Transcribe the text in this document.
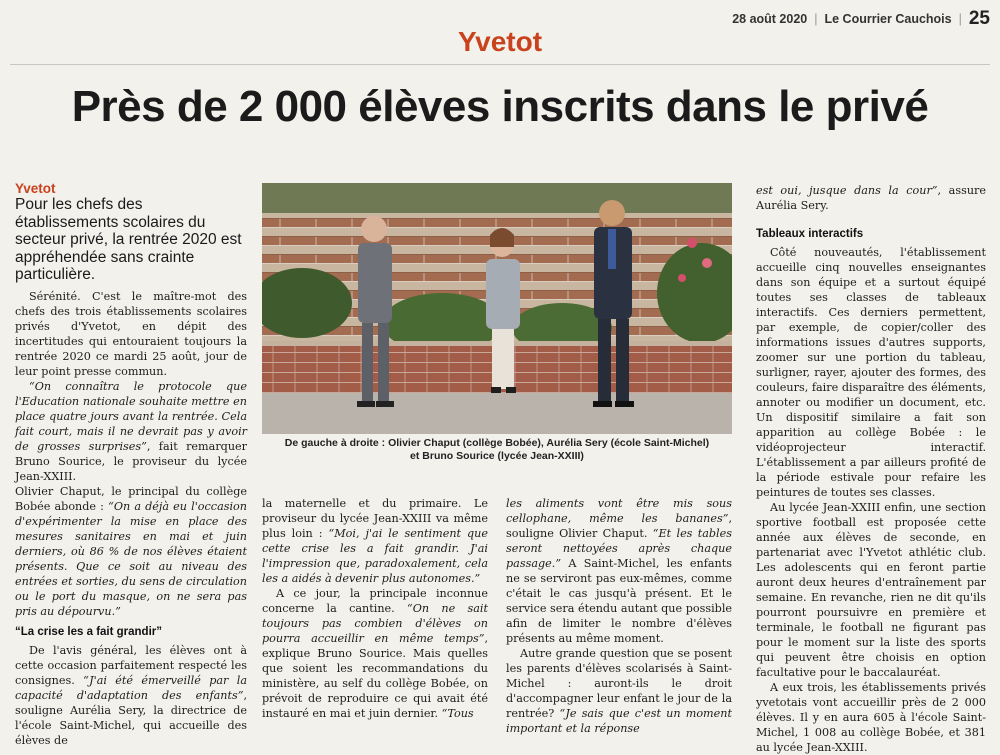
28 août 2020 | Le Courrier Cauchois | 25
Yvetot
Près de 2 000 élèves inscrits dans le privé
Yvetot
Pour les chefs des établissements scolaires du secteur privé, la rentrée 2020 est appréhendée sans crainte particulière.

Sérénité. C'est le maître-mot des chefs des trois établissements scolaires privés d'Yvetot, en dépit des incertitudes qui entouraient toujours la rentrée 2020 ce mardi 25 août, jour de leur point presse commun.

“On connaîtra le protocole que l'Education nationale souhaite mettre en place quatre jours avant la rentrée. Cela fait court, mais il ne devrait pas y avoir de grosses surprises”, fait remarquer Bruno Sourice, le proviseur du lycée Jean-XXIII.

Olivier Chaput, le principal du collège Bobée abonde : “On a déjà eu l'occasion d'expérimenter la mise en place des mesures sanitaires en mai et juin derniers, où 86 % de nos élèves étaient présents. Que ce soit au niveau des entrées et sorties, du sens de circulation ou le port du masque, on ne sera pas pris au dépourvu.”

“La crise les a fait grandir”

De l'avis général, les élèves ont à cette occasion parfaitement respecté les consignes. “J'ai été émerveillé par la capacité d'adaptation des enfants”, souligne Aurélia Sery, la directrice de l'école Saint-Michel, qui accueille des élèves de

De gauche à droite : Olivier Chaput (collège Bobée), Aurélia Sery (école Saint-Michel)
et Bruno Sourice (lycée Jean-XXIII)

la maternelle et du primaire. Le proviseur du lycée Jean-XXIII va même plus loin : “Moi, j'ai le sentiment que cette crise les a fait grandir. J'ai l'impression que, paradoxalement, cela les a aidés à devenir plus autonomes.”

A ce jour, la principale inconnue concerne la cantine. “On ne sait toujours pas combien d'élèves on pourra accueillir en même temps”, explique Bruno Sourice. Mais quelles que soient les recommandations du ministère, au self du collège Bobée, on prévoit de reproduire ce qui avait été instauré en mai et juin dernier. “Tous

les aliments vont être mis sous cellophane, même les bananes”, souligne Olivier Chaput. “Et les tables seront nettoyées après chaque passage.” A Saint-Michel, les enfants ne se serviront pas eux-mêmes, comme c'était le cas jusqu'à présent. Et le service sera étendu autant que possible afin de limiter le nombre d'élèves présents au même moment.

Autre grande question que se posent les parents d'élèves scolarisés à Saint-Michel : auront-ils le droit d'accompagner leur enfant le jour de la rentrée? “Je sais que c'est un moment important et la réponse

est oui, jusque dans la cour”, assure Aurélia Sery.

Tableaux interactifs

Côté nouveautés, l'établissement accueille cinq nouvelles enseignantes dans son équipe et a surtout équipé toutes ses classes de tableaux interactifs. Ces derniers permettent, par exemple, de copier/coller des informations issues d'autres supports, zoomer sur une portion du tableau, surligner, rayer, ajouter des formes, des couleurs, faire disparaître des éléments, annoter ou modifier un document, etc. Un dispositif similaire a fait son apparition au collège Bobée : le vidéoprojecteur interactif. L'établissement a par ailleurs profité de la période estivale pour refaire les peintures de toutes ses classes.

Au lycée Jean-XXIII enfin, une section sportive football est proposée cette année aux élèves de seconde, en partenariat avec l'Yvetot athlétic club. Les adolescents qui en feront partie auront deux heures d'entraînement par semaine. En revanche, rien ne dit qu'ils pourront poursuivre en première et terminale, le football ne figurant pas pour le moment sur la liste des sports qui peuvent être choisis en option facultative pour le baccalauréat.

A eux trois, les établissements privés yvetotais vont accueillir près de 2 000 élèves. Il y en aura 605 à l'école Saint-Michel, 1 008 au collège Bobée, et 381 au lycée Jean-XXIII.
